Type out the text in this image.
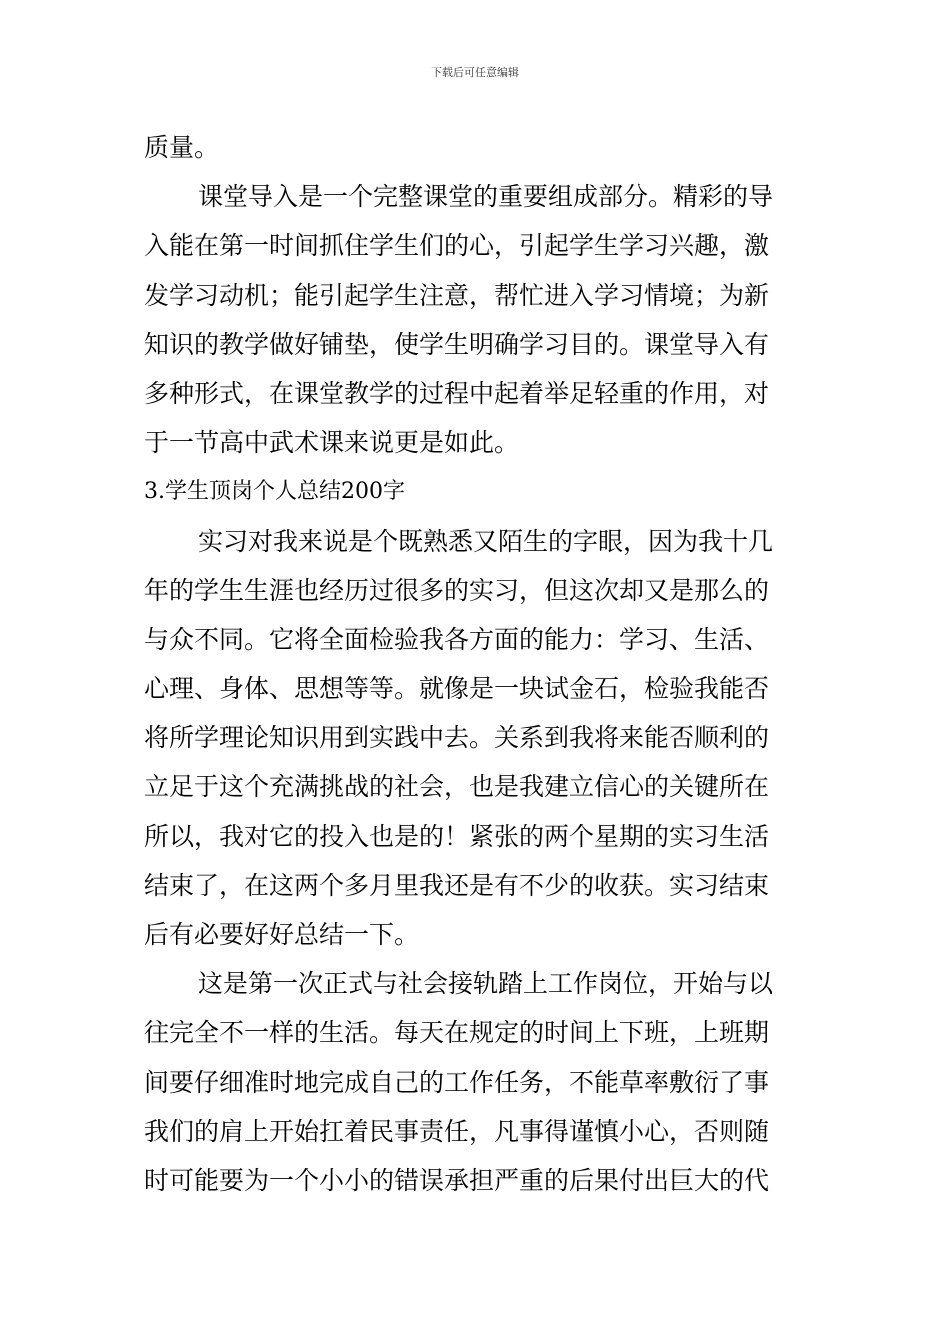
下载后可任意编辑
质量。
课堂导入是一个完整课堂的重要组成部分。精彩的导
入能在第一时间抓住学生们的心，引起学生学习兴趣，激
发学习动机；能引起学生注意，帮忙进入学习情境；为新
知识的教学做好铺垫，使学生明确学习目的。课堂导入有
多种形式，在课堂教学的过程中起着举足轻重的作用，对
于一节高中武术课来说更是如此。
3.学生顶岗个人总结200字
实习对我来说是个既熟悉又陌生的字眼，因为我十几
年的学生生涯也经历过很多的实习，但这次却又是那么的
与众不同。它将全面检验我各方面的能力：学习、生活、
心理、身体、思想等等。就像是一块试金石，检验我能否
将所学理论知识用到实践中去。关系到我将来能否顺利的
立足于这个充满挑战的社会，也是我建立信心的关键所在
所以，我对它的投入也是的！紧张的两个星期的实习生活
结束了，在这两个多月里我还是有不少的收获。实习结束
后有必要好好总结一下。
这是第一次正式与社会接轨踏上工作岗位，开始与以
往完全不一样的生活。每天在规定的时间上下班，上班期
间要仔细准时地完成自己的工作任务，不能草率敷衍了事
我们的肩上开始扛着民事责任，凡事得谨慎小心，否则随
时可能要为一个小小的错误承担严重的后果付出巨大的代
